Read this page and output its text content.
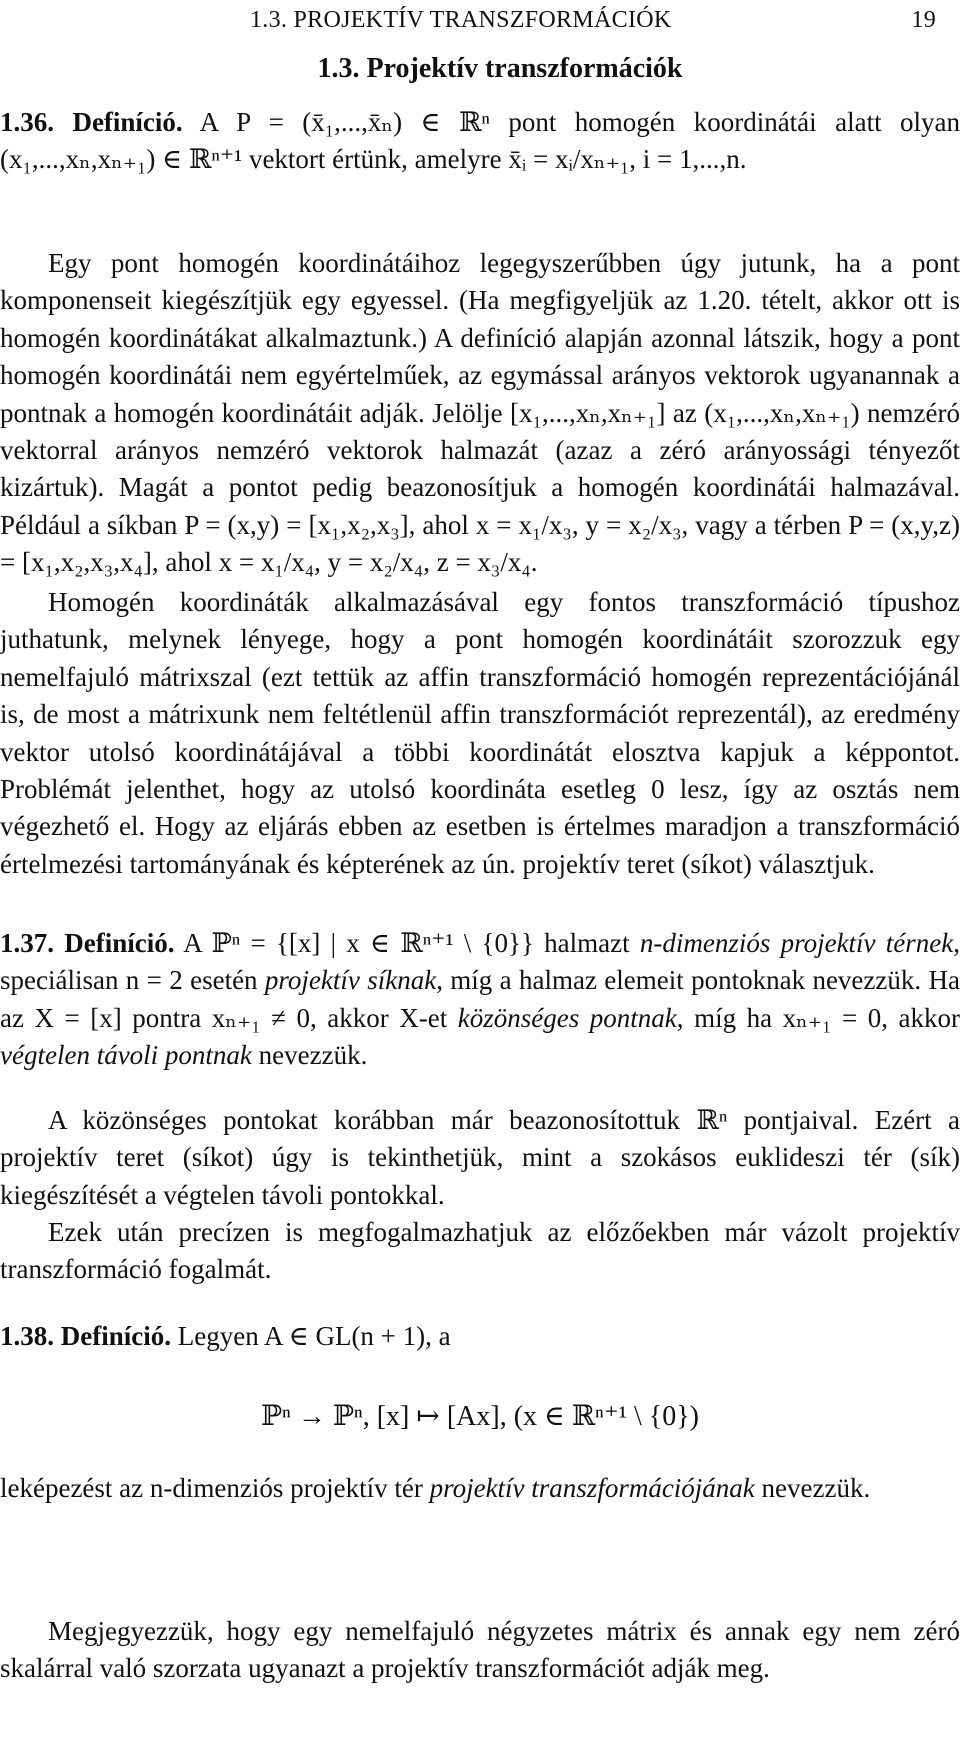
1.3. PROJEKTÍV TRANSZFORMÁCIÓK	19
1.3. Projektív transzformációk

1.36. Definíció. A P = (x̄₁,...,x̄ₙ) ∈ ℝⁿ pont homogén koordinátái alatt olyan (x₁,...,xₙ,xₙ₊₁) ∈ ℝⁿ⁺¹ vektort értünk, amelyre x̄ᵢ = xᵢ/xₙ₊₁, i = 1,...,n.

Egy pont homogén koordinátáihoz legegyszerűbben úgy jutunk, ha a pont komponenseit kiegészítjük egy egyessel. (Ha megfigyeljük az 1.20. tételt, akkor ott is homogén koordinátákat alkalmaztunk.) A definíció alapján azonnal látszik, hogy a pont homogén koordinátái nem egyértelműek, az egymással arányos vektorok ugyanannak a pontnak a homogén koordinátáit adják. Jelölje [x₁,...,xₙ,xₙ₊₁] az (x₁,...,xₙ,xₙ₊₁) nemzéró vektorral arányos nemzéró vektorok halmazát (azaz a zéró arányossági tényezőt kizártuk). Magát a pontot pedig beazonosítjuk a homogén koordinátái halmazával. Például a síkban P = (x,y) = [x₁,x₂,x₃], ahol x = x₁/x₃, y = x₂/x₃, vagy a térben P = (x,y,z) = [x₁,x₂,x₃,x₄], ahol x = x₁/x₄, y = x₂/x₄, z = x₃/x₄.

Homogén koordináták alkalmazásával egy fontos transzformáció típushoz juthatunk, melynek lényege, hogy a pont homogén koordinátáit szorozzuk egy nemelfajuló mátrixszal (ezt tettük az affin transzformáció homogén reprezentációjánál is, de most a mátrixunk nem feltétlenül affin transzformációt reprezentál), az eredmény vektor utolsó koordinátájával a többi koordinátát elosztva kapjuk a képpontot. Problémát jelenthet, hogy az utolsó koordináta esetleg 0 lesz, így az osztás nem végezhető el. Hogy az eljárás ebben az esetben is értelmes maradjon a transzformáció értelmezési tartományának és képterének az ún. projektív teret (síkot) választjuk.

1.37. Definíció. A ℙⁿ = {[x] | x ∈ ℝⁿ⁺¹ \ {0}} halmazt n-dimenziós projektív térnek, speciálisan n = 2 esetén projektív síknak, míg a halmaz elemeit pontoknak nevezzük. Ha az X = [x] pontra xₙ₊₁ ≠ 0, akkor X-et közönséges pontnak, míg ha xₙ₊₁ = 0, akkor végtelen távoli pontnak nevezzük.

A közönséges pontokat korábban már beazonosítottuk ℝⁿ pontjaival. Ezért a projektív teret (síkot) úgy is tekinthetjük, mint a szokásos euklideszi tér (sík) kiegészítését a végtelen távoli pontokkal.

Ezek után precízen is megfogalmazhatjuk az előzőekben már vázolt projektív transzformáció fogalmát.

1.38. Definíció. Legyen A ∈ GL(n + 1), a

ℙⁿ → ℙⁿ, [x] ↦ [Ax], (x ∈ ℝⁿ⁺¹ \ {0})

leképezést az n-dimenziós projektív tér projektív transzformációjának nevezzük.

Megjegyezzük, hogy egy nemelfajuló négyzetes mátrix és annak egy nem zéró skalárral való szorzata ugyanazt a projektív transzformációt adják meg.
